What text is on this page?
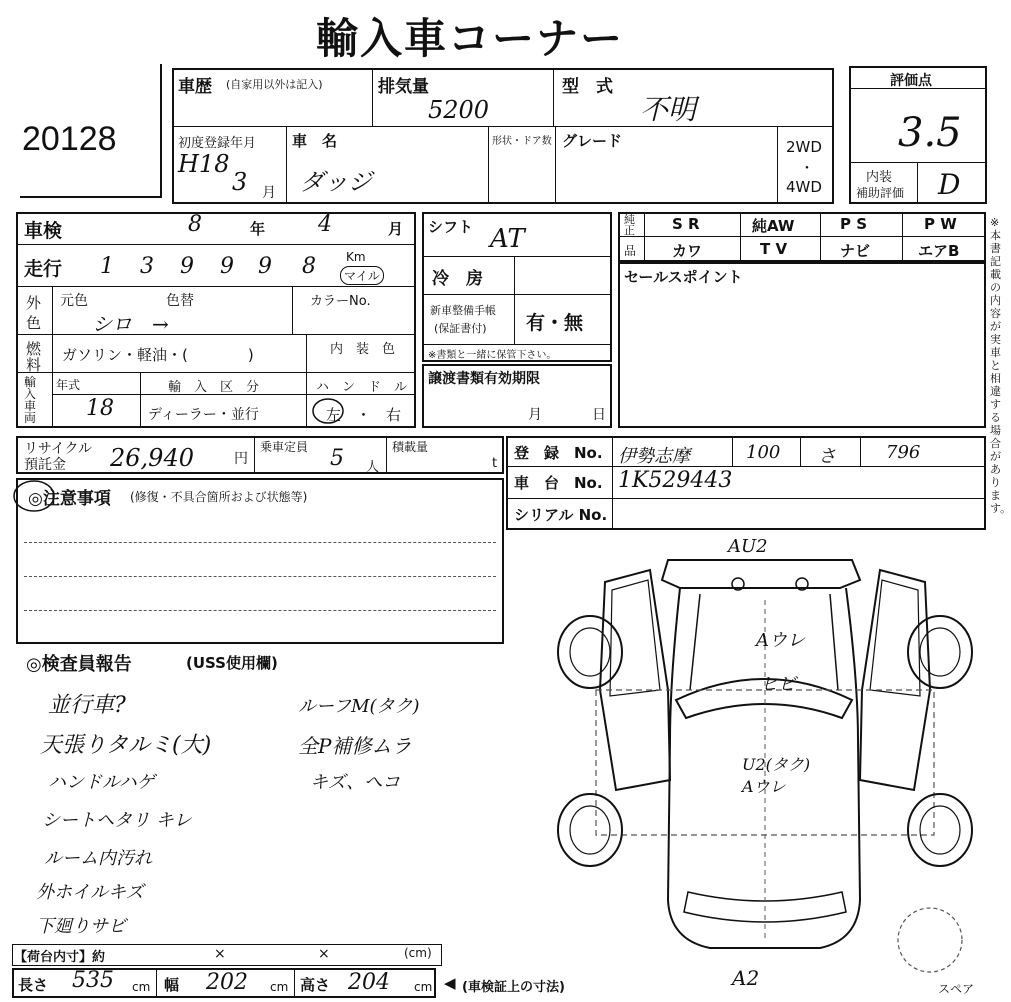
輸入車コーナー
20128
車歴 (自家用以外は記入)	排気量
5200
型　式
不明
初度登録年月
H18
3 月
車　名
ダッジ
形状・ドア数 グレード	2WD
・
4WD
評価点
3.5
内装
補助評価 D
車検	8	年 4	月
走行 1 3 9 9 9 8	Km
マイル
外
色
元色	色替
シロ　→
カラーNo.
燃
料
ガソリン・軽油・(　　　　)	内　装　色
輸入車両
年式
18
輸　入　区　分
ディーラー・並行
ハ　ン　ド　ル
左　・　右
シフト AT
冷　房
新車整備手帳
(保証書付) 有・無
※書類と一緒に保管下さい。
譲渡書類有効期限
月	日
純正
品
S R	純AW	P S	P W
カワ	T V	ナビ	エアB
セールスポイント
※本書記載の内容が実車と相違する場合があります。
リサイクル
預託金 26,940	円
乗車定員 5 人
積載量
t
登　録　No. 伊勢志摩	100 さ	796
車　台　No. 1K529443
シリアル No.
◎注意事項 (修復・不具合箇所および状態等)
◎検査員報告	(USS使用欄)
並行車?
天張りタルミ(大)
ハンドルハゲ
シートヘタリ キレ
ルーム内汚れ
外ホイルキズ
下廻りサビ
ルーフM(タク)
全P補修ムラ
キズ、へコ
【荷台内寸】約	×	×	(cm)
長さ 535 cm 幅 202 cm 高さ 204 cm ◀ (車検証上の寸法)
AU2
Aウレ
ヒビ
U2(タク)
Aウレ
A2	スペア
